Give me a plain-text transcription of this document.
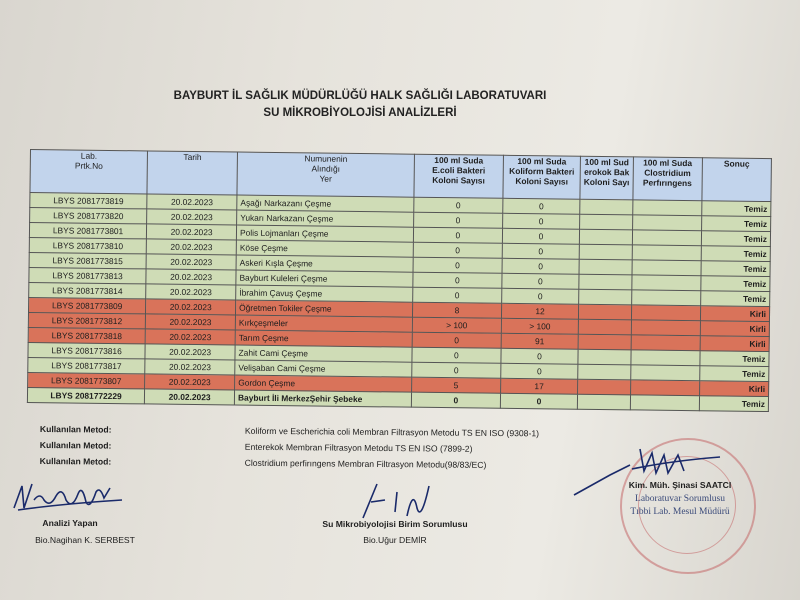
BAYBURT İL SAĞLIK MÜDÜRLÜĞÜ HALK SAĞLIĞI LABORATUVARI
SU MİKROBİYOLOJİSİ ANALİZLERİ
Lab.
Prtk.No	Tarih	Numunenin
Alındığı
Yer	100 ml Suda
E.coli Bakteri
Koloni Sayısı	100 ml Suda
Koliform Bakteri
Koloni Sayısı	100 ml Sud
erokok Bak
Koloni Sayı	100 ml Suda
Clostridium
Perfırıngens	Sonuç
LBYS 2081773819	20.02.2023	Aşağı Narkazanı Çeşme	0	0			Temiz
LBYS 2081773820	20.02.2023	Yukarı Narkazanı Çeşme	0	0			Temiz
LBYS 2081773801	20.02.2023	Polis Lojmanları Çeşme	0	0			Temiz
LBYS 2081773810	20.02.2023	Köse Çeşme	0	0			Temiz
LBYS 2081773815	20.02.2023	Askeri Kışla Çeşme	0	0			Temiz
LBYS 2081773813	20.02.2023	Bayburt Kuleleri Çeşme	0	0			Temiz
LBYS 2081773814	20.02.2023	İbrahim Çavuş Çeşme	0	0			Temiz
LBYS 2081773809	20.02.2023	Öğretmen Tokiler Çeşme	8	12			Kirli
LBYS 2081773812	20.02.2023	Kırkçeşmeler	> 100	> 100			Kirli
LBYS 2081773818	20.02.2023	Tarım Çeşme	0	91			Kirli
LBYS 2081773816	20.02.2023	Zahit Cami Çeşme	0	0			Temiz
LBYS 2081773817	20.02.2023	Velişaban Cami Çeşme	0	0			Temiz
LBYS 2081773807	20.02.2023	Gordon Çeşme	5	17			Kirli
LBYS 2081772229	20.02.2023	Bayburt İli MerkezŞehir Şebeke	0	0			Temiz
Kullanılan Metod:	Koliform ve Escherichia coli Membran Filtrasyon Metodu TS EN ISO (9308-1)
Kullanılan Metod:	Enterekok Membran Filtrasyon Metodu TS EN ISO (7899-2)
Kullanılan Metod:	Clostridium perfirıngens Membran Filtrasyon Metodu(98/83/EC)
Analizi Yapan
Bio.Nagihan K. SERBEST
Su Mikrobiyolojisi Birim Sorumlusu
Bio.Uğur DEMİR
Kim. Müh. Şinasi SAATCI
Laboratuvar Sorumlusu
Tıbbi Lab. Mesul Müdürü
